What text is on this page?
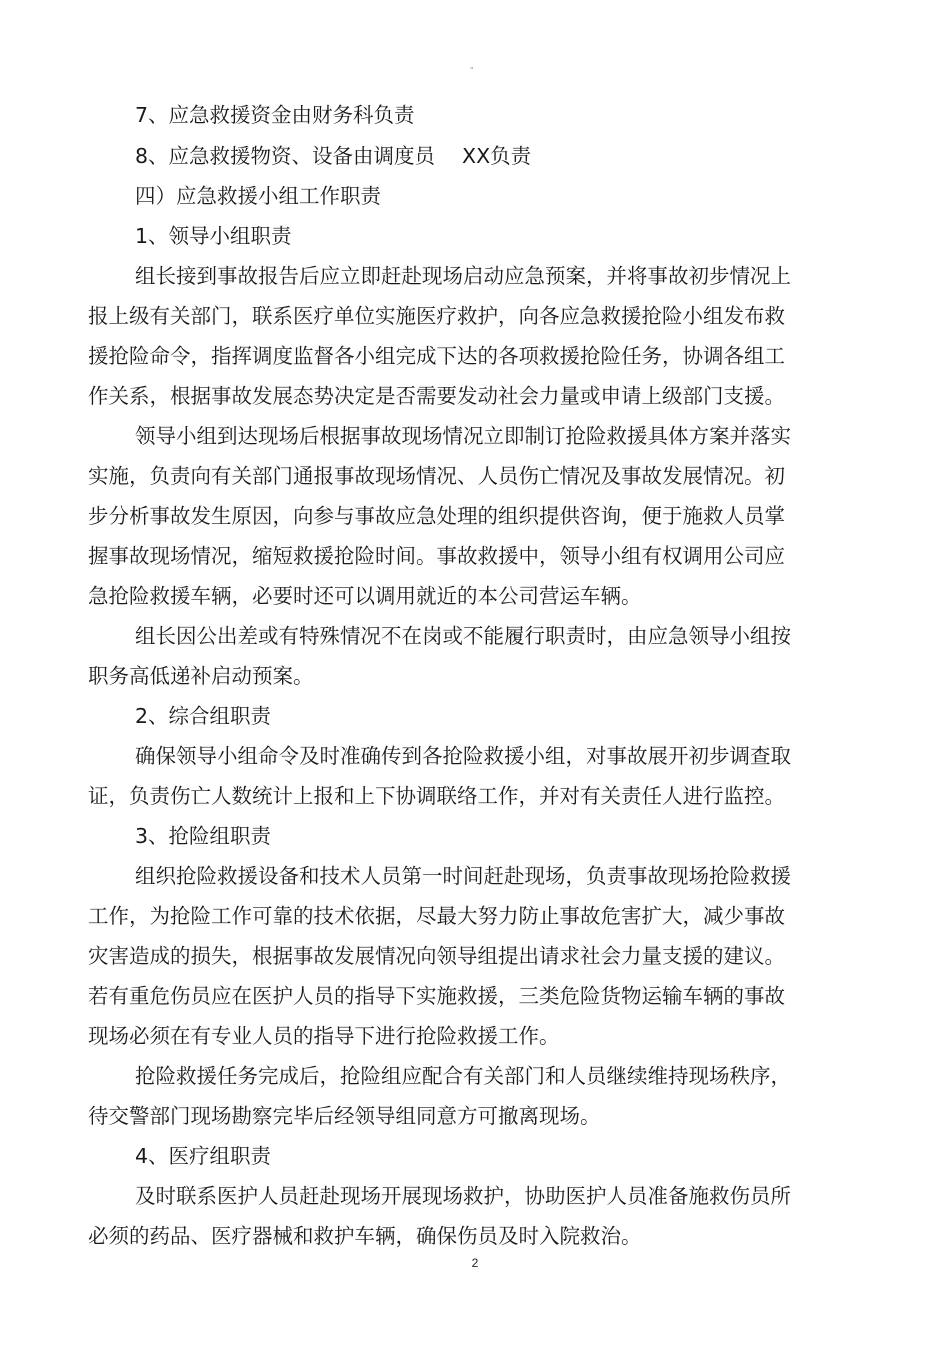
"
7、应急救援资金由财务科负责
8、应急救援物资、设备由调度员　 XX负责
四）应急救援小组工作职责
1、领导小组职责
组长接到事故报告后应立即赶赴现场启动应急预案，并将事故初步情况上
报上级有关部门，联系医疗单位实施医疗救护，向各应急救援抢险小组发布救
援抢险命令，指挥调度监督各小组完成下达的各项救援抢险任务，协调各组工
作关系，根据事故发展态势决定是否需要发动社会力量或申请上级部门支援。
领导小组到达现场后根据事故现场情况立即制订抢险救援具体方案并落实
实施，负责向有关部门通报事故现场情况、人员伤亡情况及事故发展情况。初
步分析事故发生原因，向参与事故应急处理的组织提供咨询，便于施救人员掌
握事故现场情况，缩短救援抢险时间。事故救援中，领导小组有权调用公司应
急抢险救援车辆，必要时还可以调用就近的本公司营运车辆。
组长因公出差或有特殊情况不在岗或不能履行职责时，由应急领导小组按
职务高低递补启动预案。
2、综合组职责
确保领导小组命令及时准确传到各抢险救援小组，对事故展开初步调查取
证，负责伤亡人数统计上报和上下协调联络工作，并对有关责任人进行监控。
3、抢险组职责
组织抢险救援设备和技术人员第一时间赶赴现场，负责事故现场抢险救援
工作，为抢险工作可靠的技术依据，尽最大努力防止事故危害扩大，减少事故
灾害造成的损失，根据事故发展情况向领导组提出请求社会力量支援的建议。
若有重危伤员应在医护人员的指导下实施救援，三类危险货物运输车辆的事故
现场必须在有专业人员的指导下进行抢险救援工作。
抢险救援任务完成后，抢险组应配合有关部门和人员继续维持现场秩序，
待交警部门现场勘察完毕后经领导组同意方可撤离现场。
4、医疗组职责
及时联系医护人员赶赴现场开展现场救护，协助医护人员准备施救伤员所
必须的药品、医疗器械和救护车辆，确保伤员及时入院救治。
2
